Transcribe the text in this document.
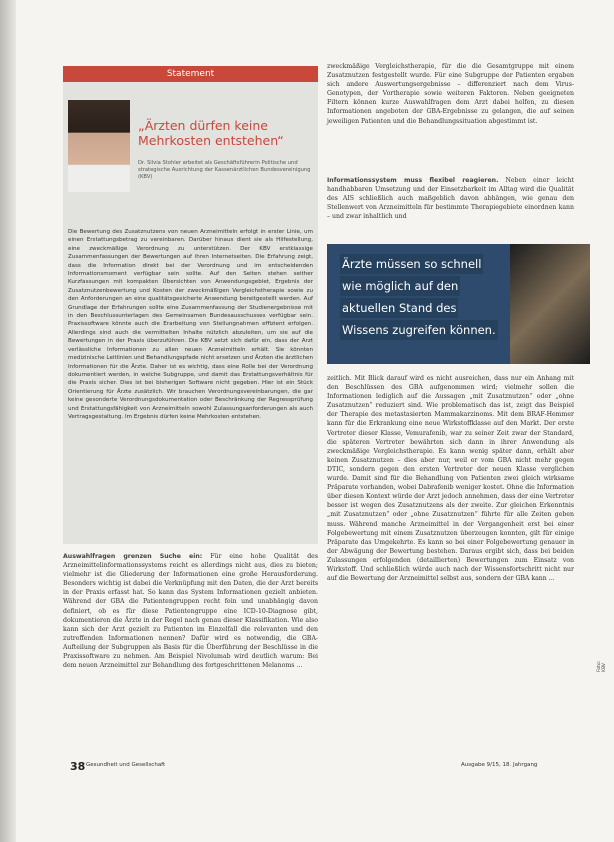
Statement
„Ärzten dürfen keine Mehrkosten entstehen“
Dr. Silvia Stohler arbeitet als Geschäftsführerin Politische und strategische Ausrichtung der Kassenärztlichen Bundesvereinigung (KBV)

Die Bewertung des Zusatznutzens von neuen Arzneimitteln erfolgt in erster Linie, um einen Erstattungsbetrag zu vereinbaren. Darüber hinaus dient sie als Hilfestellung, eine zweckmäßige Verordnung zu unterstützen. Der KBV erstklassige Zusammenfassungen der Bewertungen auf ihren Internetseiten. Die Erfahrung zeigt, dass die Information direkt bei der Verordnung und im entscheidenden Informationsmoment verfügbar sein sollte. Auf den Seiten stehen seither Kurzfassungen mit kompakten Übersichten von Anwendungsgebiet, Ergebnis der Zusatznutzenbewertung und Kosten der zweckmäßigen Vergleichstherapie sowie zu den Anforderungen an eine qualitätsgesicherte Anwendung bereitgestellt werden. Auf Grundlage der Erfahrungen sollte eine Zusammenfassung der Studienergebnisse mit in den Beschlussunterlagen des Gemeinsamen Bundesausschusses verfügbar sein. Praxissoftware könnte auch die Erarbeitung von Stellungnahmen effizient erfolgen. Allerdings sind auch die vermittelten Inhalte nützlich abzuleiten, um sie auf die Bewertungen in der Praxis überzuführen. Die KBV setzt sich dafür ein, dass der Arzt verlässliche Informationen zu allen neuen Arzneimitteln erhält. Sie könnten medizinische Leitlinien und Behandlungspfade nicht ersetzen und Ärzten die ärztlichen Informationen für die Ärzte. Daher ist es wichtig, dass eine Rolle bei der Verordnung dokumentiert werden, in welche Subgruppe, und damit das Erstattungsverhältnis für die Praxis sicher. Dies ist bei bisherigen Software nicht gegeben. Hier ist ein Stück Orientierung für Ärzte zusätzlich. Wir brauchen Verordnungsvereinbarungen, die gar keine gesonderte Verordnungsdokumentation oder Beschränkung der Regressprüfung und Erstattungsfähigkeit von Arzneimitteln sowohl Zulassungsanforderungen als auch Vertragsgestaltung. Im Ergebnis dürfen keine Mehrkosten entstehen.

Auswahlfragen grenzen Suche ein: Für eine hohe Qualität des Arzneimittelinformationssystems reicht es allerdings nicht aus, dies zu bieten; vielmehr ist die Gliederung der Informationen eine große Herausforderung. Besonders wichtig ist dabei die Verknüpfung mit den Daten, die der Arzt bereits in der Praxis erfasst hat. So kann das System Informationen gezielt anbieten. Während der GBA die Patientengruppen recht fein und unabhängig davon definiert, ob es für diese Patientengruppe eine ICD-10-Diagnose gibt, dokumentieren die Ärzte in der Regel nach genau dieser Klassifikation. Wie also kann sich der Arzt gezielt zu Patienten im Einzelfall die relevanten und den zutreffenden Informationen nennen? Dafür wird es notwendig, die GBA-Aufteilung der Subgruppen als Basis für die Überführung der Beschlüsse in die Praxissoftware zu nehmen. Am Beispiel Nivolumab wird deutlich warum: Bei dem neuen Arzneimittel zur Behandlung des fortgeschrittenen Melanoms …

zweckmäßige Vergleichstherapie, für die die Gesamtgruppe mit einem Zusatznutzen festgestellt wurde. Für eine Subgruppe der Patienten ergaben sich andere Auswertungsergebnisse – differenziert nach dem Virus-Genotypen, der Vortherapie sowie weiteren Faktoren. Neben geeigneten Filtern können kurze Auswahlfragen dem Arzt dabei helfen, zu diesen Informationen angeboten der GBA-Ergebnisse zu gelangen, die auf seinen jeweiligen Patienten und die Behandlungssituation abgestimmt ist.

Informationssystem muss flexibel reagieren. Neben einer leicht handhabbaren Umsetzung und der Einsetzbarkeit im Alltag wird die Qualität des AIS schließlich auch maßgeblich davon abhängen, wie genau den Stellenwert von Arzneimitteln für bestimmte Therapiegebiete einordnen kann – und zwar inhaltlich und

Ärzte müssen so schnell
wie möglich auf den
aktuellen Stand des
Wissens zugreifen können.

zeitlich. Mit Blick darauf wird es nicht ausreichen, dass nur ein Anhang mit den Beschlüssen des GBA aufgenommen wird; vielmehr sollen die Informationen lediglich auf die Aussagen „mit Zusatznutzen“ oder „ohne Zusatznutzen“ reduziert sind. Wie problematisch das ist, zeigt das Beispiel der Therapie des metastasierten Mammakarzinoms. Mit dem BRAF-Hemmer kann für die Erkrankung eine neue Wirkstoffklasse auf den Markt. Der erste Vertreter dieser Klasse, Vemurafenib, war zu seiner Zeit zwar der Standard, die späteren Vertreter bewährten sich dann in ihrer Anwendung als zweckmäßige Vergleichstherapie. Es kann wenig später dann, erhält aber keinen Zusatznutzen – dies aber nur, weil er vom GBA nicht mehr gegen DTIC, sondern gegen den ersten Vertreter der neuen Klasse verglichen wurde. Damit sind für die Behandlung von Patienten zwei gleich wirksame Präparate vorhanden, wobei Dabrafenib weniger kostet. Ohne die Information über diesen Kontext würde der Arzt jedoch annehmen, dass der eine Vertreter besser ist wegen des Zusatznutzens als der zweite. Zur gleichen Erkenntnis „mit Zusatznutzen“ oder „ohne Zusatznutzen“ führte für alle Zeiten geben muss. Während manche Arzneimittel in der Vergangenheit erst bei einer Folgebewertung mit einem Zusatznutzen überzeugen konnten, gilt für einige Präparate das Umgekehrte. Es kann so bei einer Folgebewertung genauer in der Abwägung der Bewertung bestehen. Daraus ergibt sich, dass bei beiden Zulassungen erfolgenden (detaillierten) Bewertungen zum Einsatz von Wirkstoff. Und schließlich würde auch nach der Wissensfortschritt nicht nur auf die Bewertung der Arzneimittel selbst aus, sondern der GBA kann ...

38 Gesundheit und Gesellschaft	Ausgabe 9/15, 18. Jahrgang
Foto: KBV
